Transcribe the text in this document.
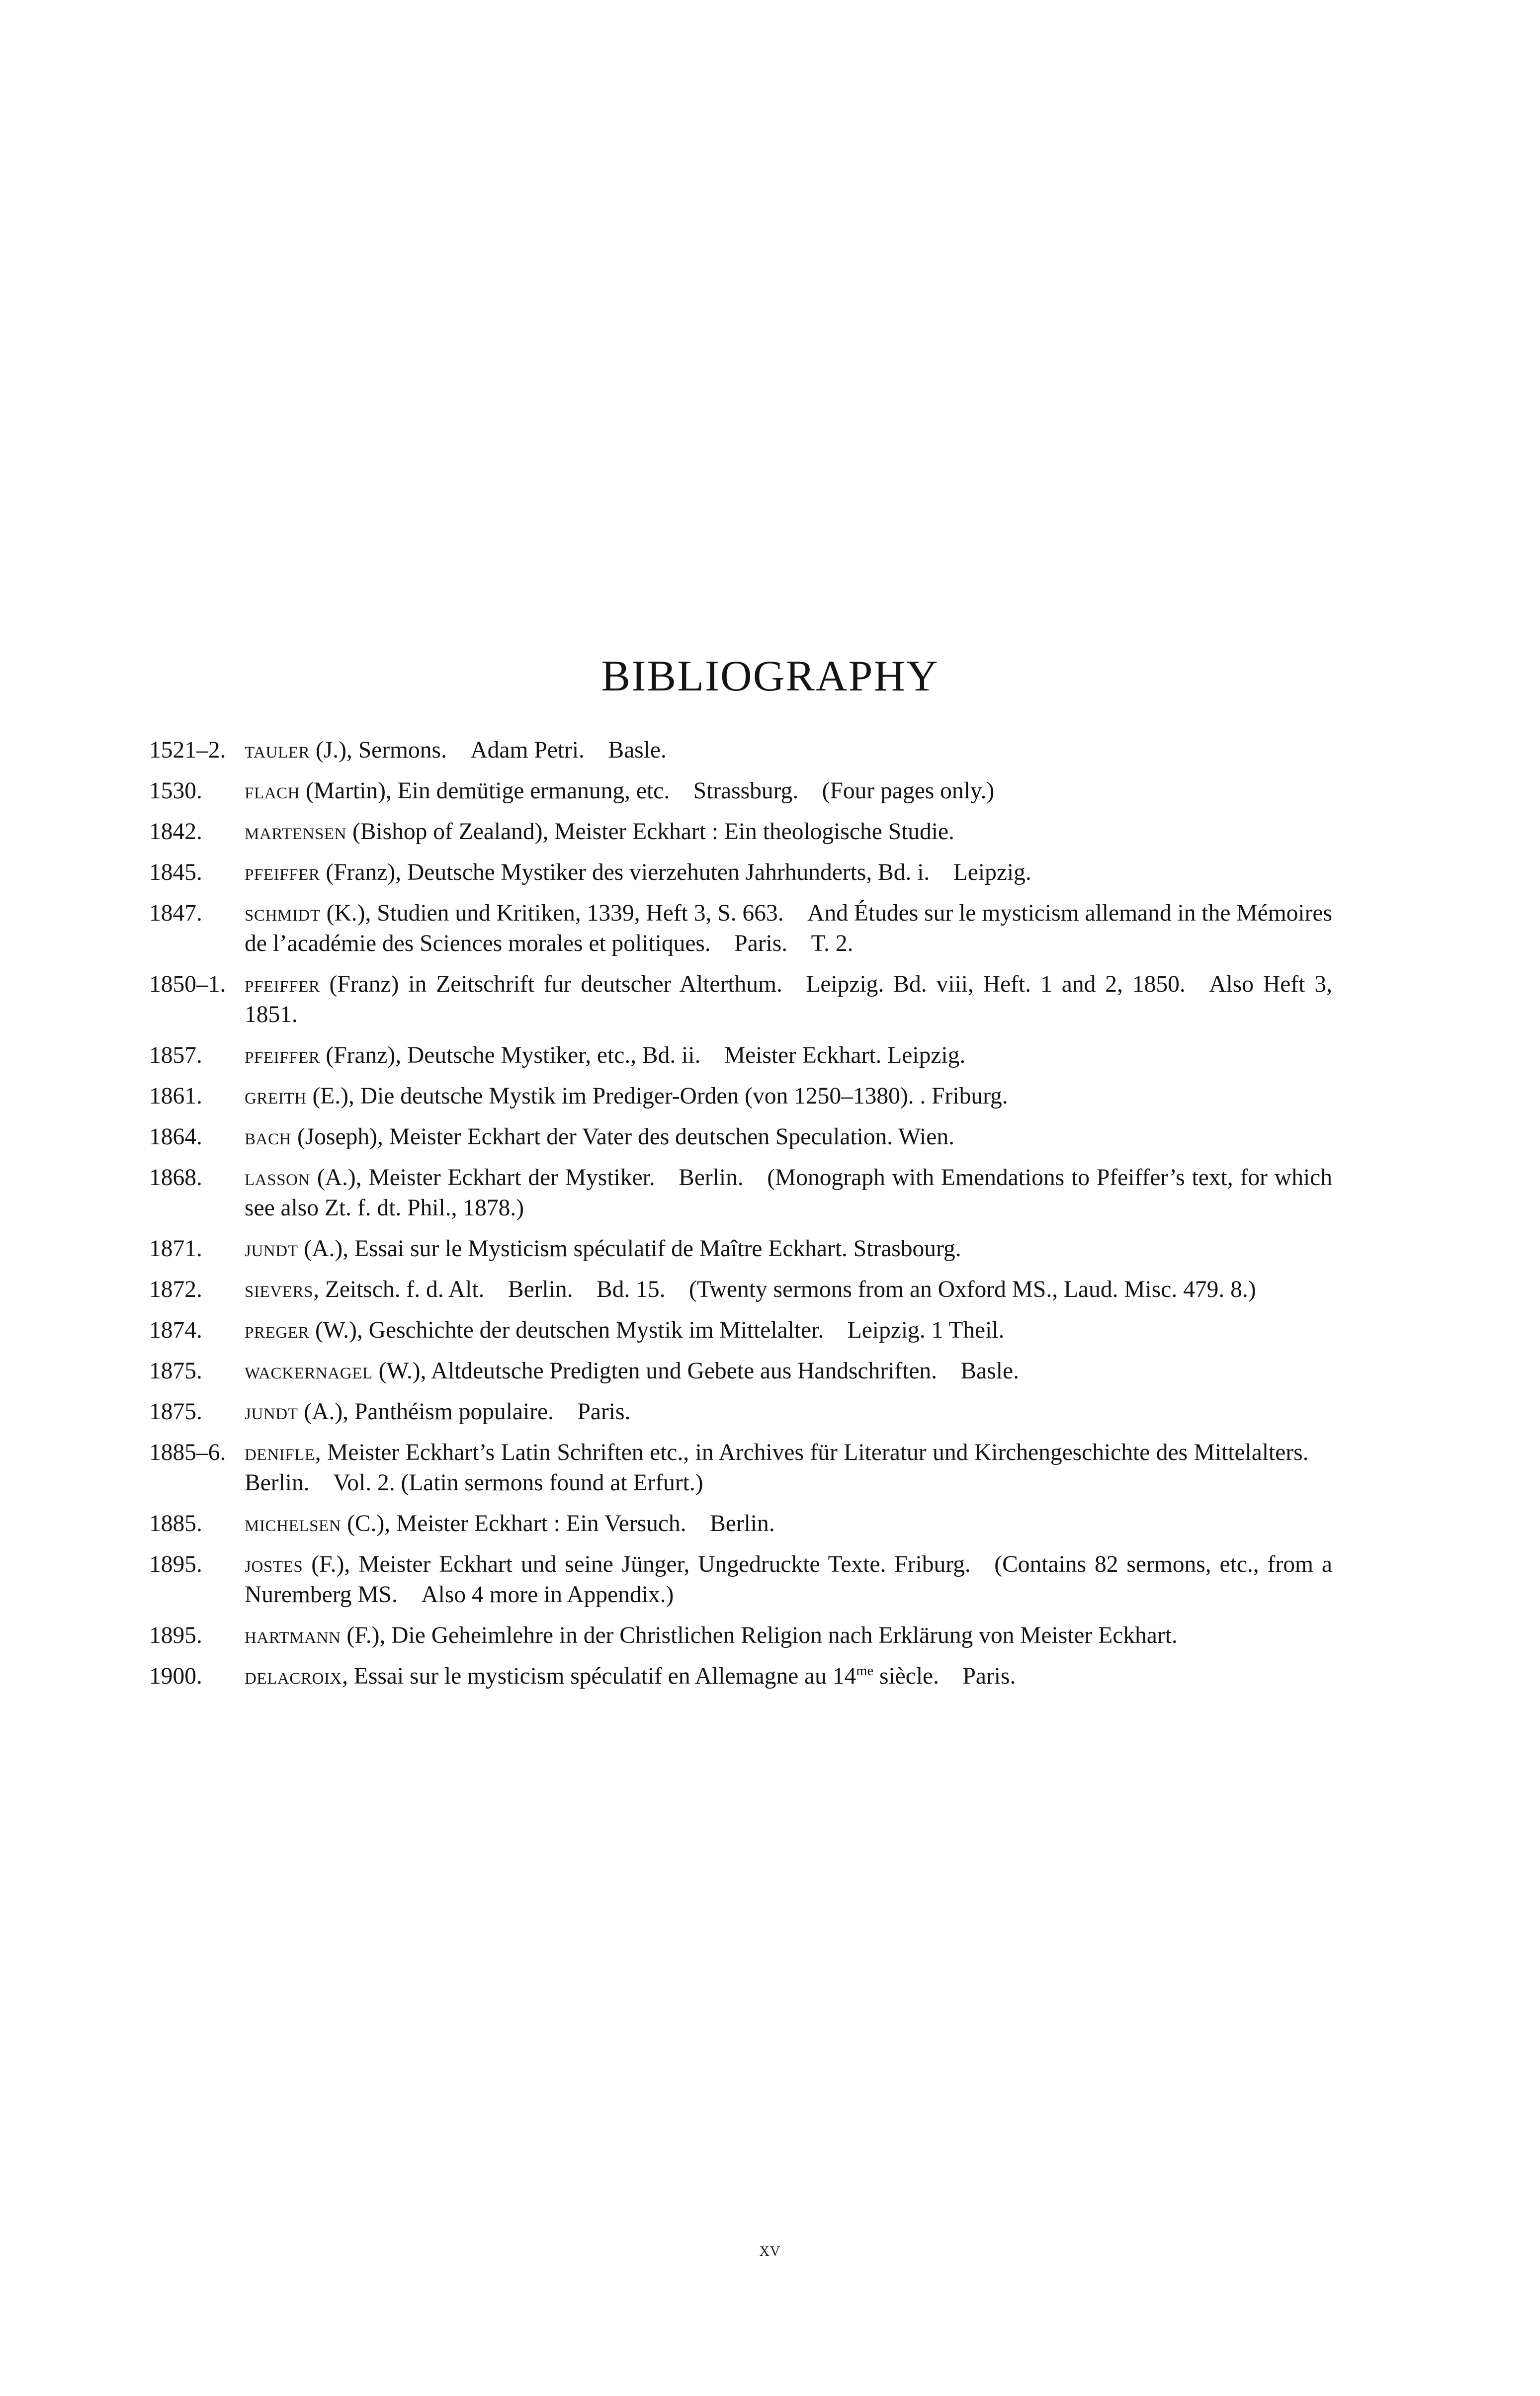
BIBLIOGRAPHY
1521–2. tauler (J.), Sermons. Adam Petri. Basle.
1530.	flach (Martin), Ein demütige ermanung, etc. Strassburg. (Four pages only.)
1842.	martensen (Bishop of Zealand), Meister Eckhart : Ein theologische Studie.
1845.	pfeiffer (Franz), Deutsche Mystiker des vierzehuten Jahrhunderts, Bd. i. Leipzig.
1847.	schmidt (K.), Studien und Kritiken, 1339, Heft 3, S. 663. And Études sur le mysticism allemand in the Mémoires de l’académie des Sciences morales et politiques. Paris. T. 2.
1850–1. pfeiffer (Franz) in Zeitschrift fur deutscher Alterthum. Leipzig. Bd. viii, Heft. 1 and 2, 1850. Also Heft 3, 1851.
1857.	pfeiffer (Franz), Deutsche Mystiker, etc., Bd. ii. Meister Eckhart. Leipzig.
1861.	greith (E.), Die deutsche Mystik im Prediger-Orden (von 1250–1380). . Friburg.
1864.	bach (Joseph), Meister Eckhart der Vater des deutschen Speculation. Wien.
1868.	lasson (A.), Meister Eckhart der Mystiker. Berlin. (Monograph with Emendations to Pfeiffer’s text, for which see also Zt. f. dt. Phil., 1878.)
1871.	jundt (A.), Essai sur le Mysticism spéculatif de Maître Eckhart. Strasbourg.
1872.	sievers, Zeitsch. f. d. Alt. Berlin. Bd. 15. (Twenty sermons from an Oxford MS., Laud. Misc. 479. 8.)
1874.	preger (W.), Geschichte der deutschen Mystik im Mittelalter. Leipzig. 1 Theil.
1875.	wackernagel (W.), Altdeutsche Predigten und Gebete aus Handschriften. Basle.
1875.	jundt (A.), Panthéism populaire. Paris.
1885–6. denifle, Meister Eckhart’s Latin Schriften etc., in Archives für Literatur und Kirchengeschichte des Mittelalters. Berlin. Vol. 2. (Latin sermons found at Erfurt.)
1885.	michelsen (C.), Meister Eckhart : Ein Versuch. Berlin.
1895.	jostes (F.), Meister Eckhart und seine Jünger, Ungedruckte Texte. Friburg. (Contains 82 sermons, etc., from a Nuremberg MS. Also 4 more in Appendix.)
1895.	hartmann (F.), Die Geheimlehre in der Christlichen Religion nach Erklärung von Meister Eckhart.
1900.	delacroix, Essai sur le mysticism spéculatif en Allemagne au $14^{me}$ siècle. Paris.
xv
